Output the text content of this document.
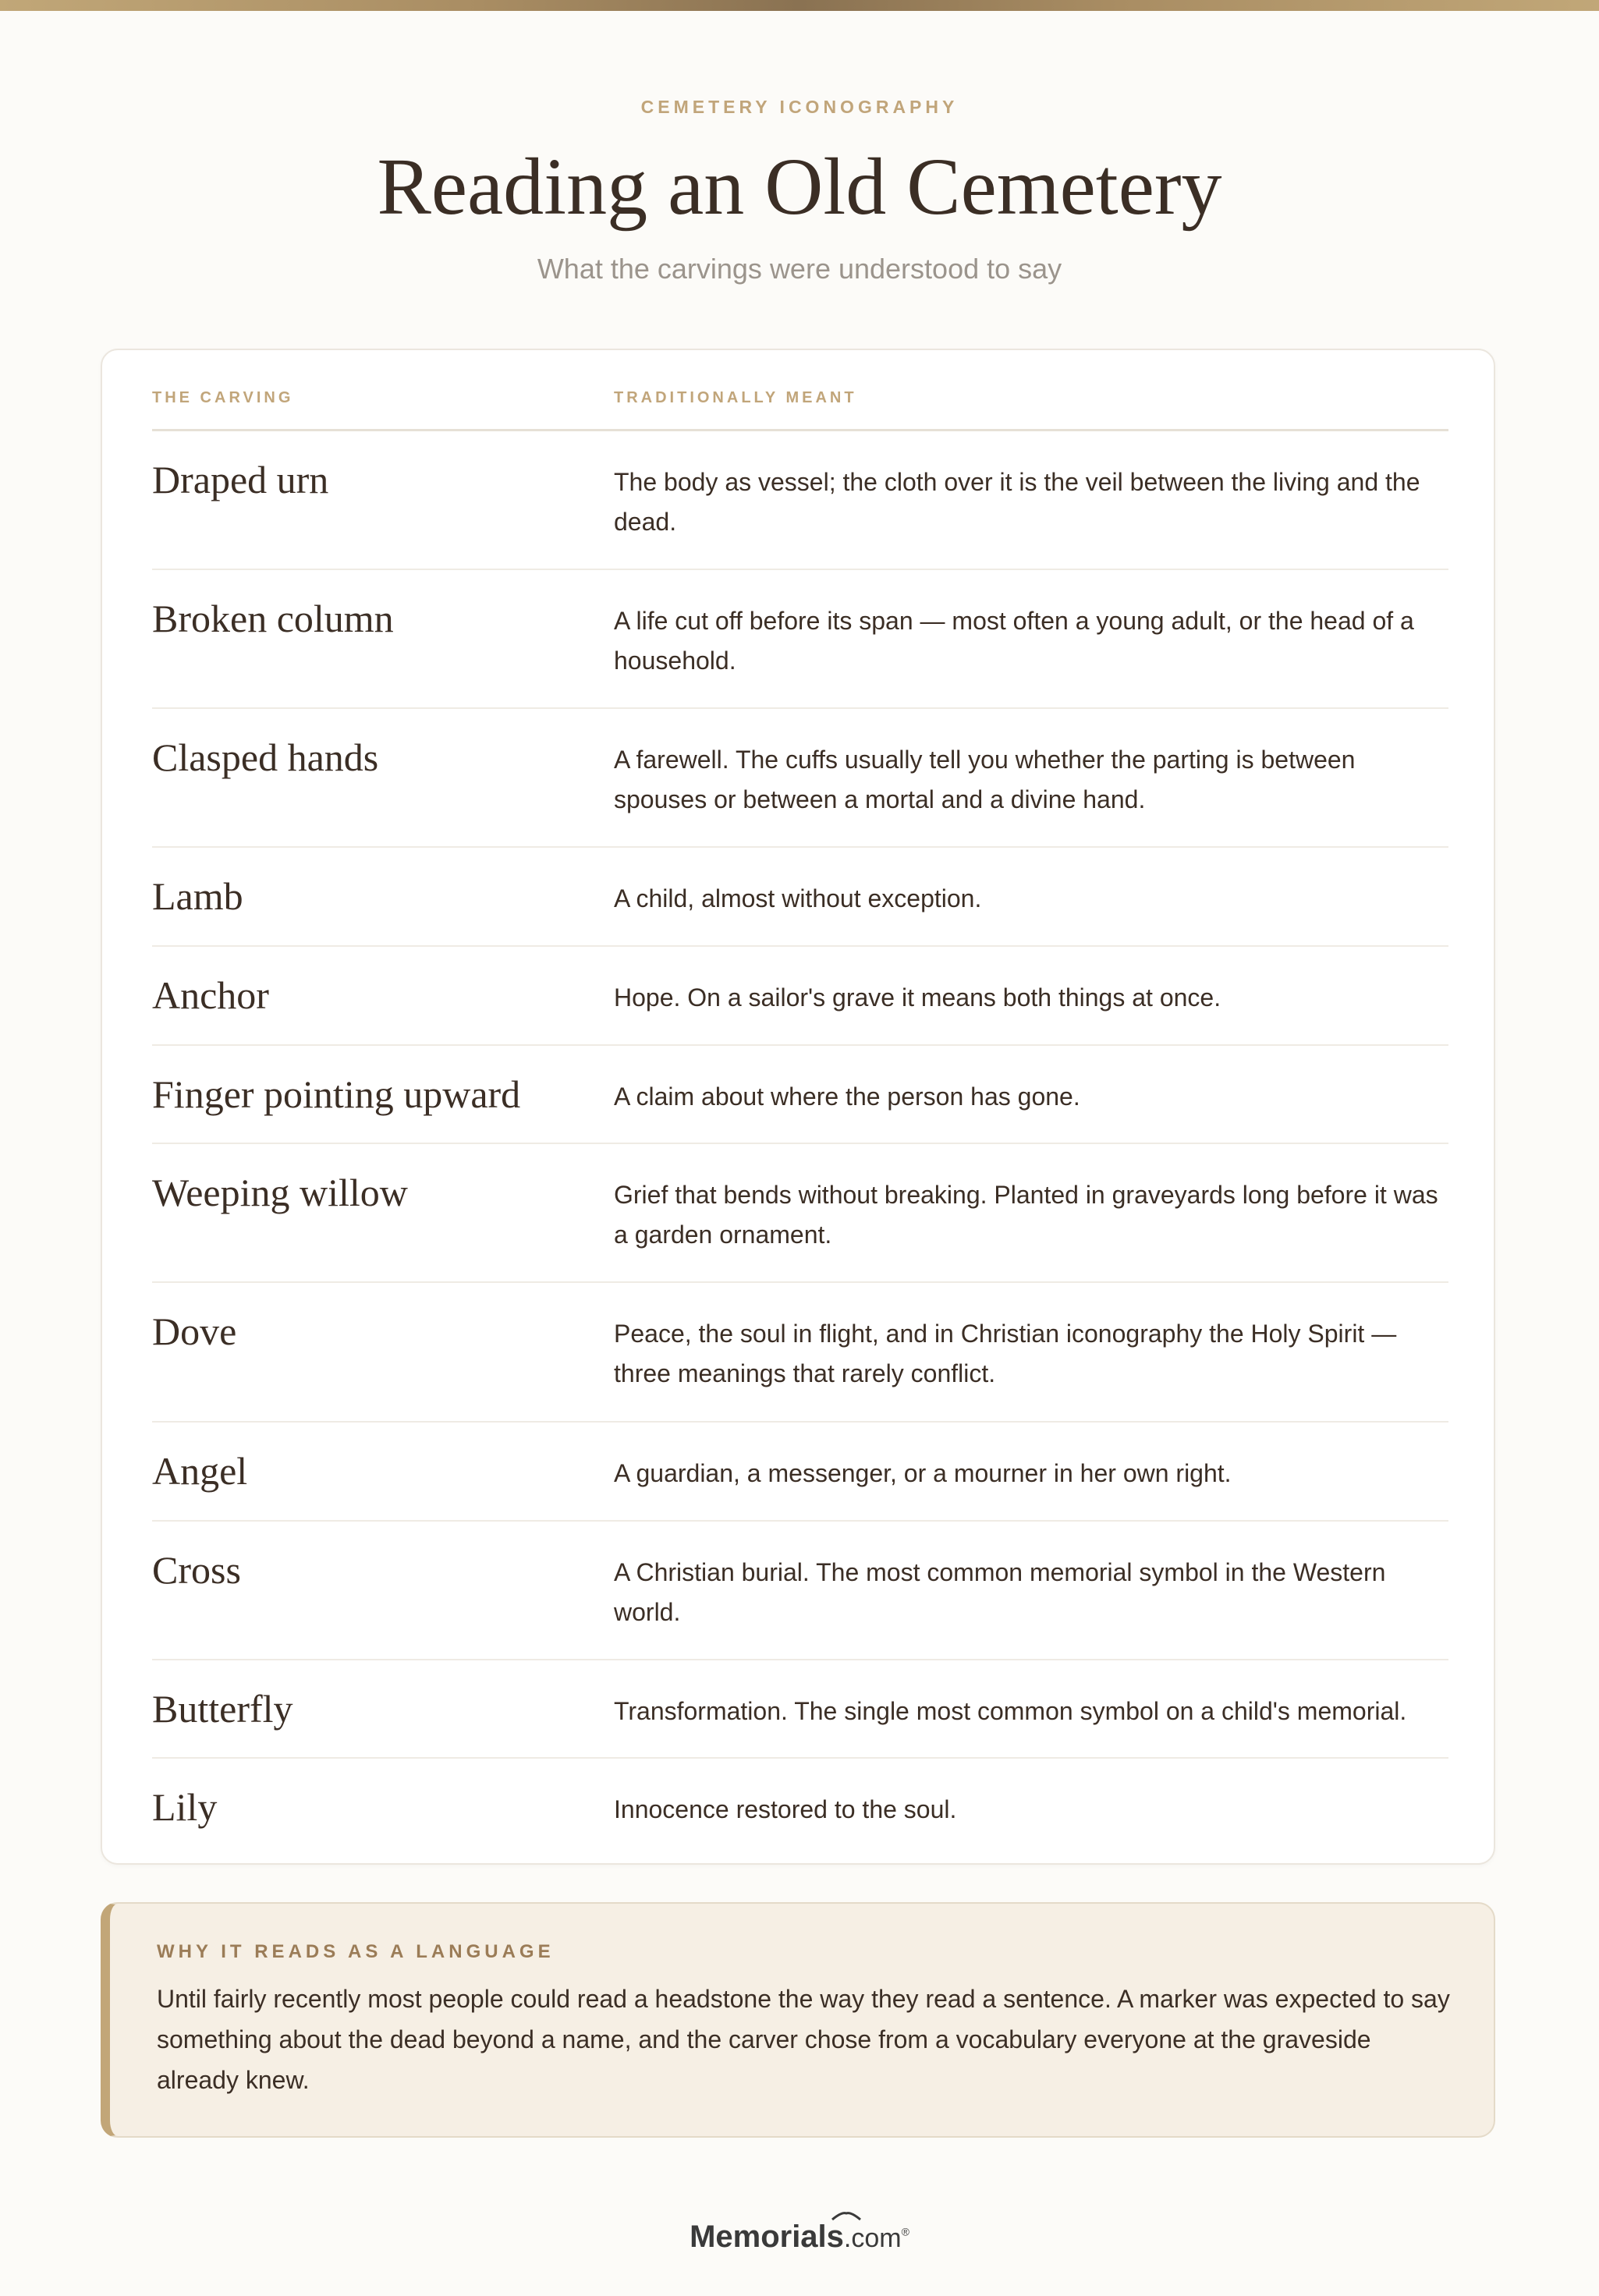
CEMETERY ICONOGRAPHY
Reading an Old Cemetery
What the carvings were understood to say
THE CARVING	TRADITIONALLY MEANT
Draped urn	The body as vessel; the cloth over it is the veil between the living and the dead.
Broken column	A life cut off before its span — most often a young adult, or the head of a household.
Clasped hands	A farewell. The cuffs usually tell you whether the parting is between spouses or between a mortal and a divine hand.
Lamb	A child, almost without exception.
Anchor	Hope. On a sailor's grave it means both things at once.
Finger pointing upward	A claim about where the person has gone.
Weeping willow	Grief that bends without breaking. Planted in graveyards long before it was a garden ornament.
Dove	Peace, the soul in flight, and in Christian iconography the Holy Spirit — three meanings that rarely conflict.
Angel	A guardian, a messenger, or a mourner in her own right.
Cross	A Christian burial. The most common memorial symbol in the Western world.
Butterfly	Transformation. The single most common symbol on a child's memorial.
Lily	Innocence restored to the soul.
WHY IT READS AS A LANGUAGE
Until fairly recently most people could read a headstone the way they read a sentence. A marker was expected to say something about the dead beyond a name, and the carver chose from a vocabulary everyone at the graveside already knew.
Memorials.com®
